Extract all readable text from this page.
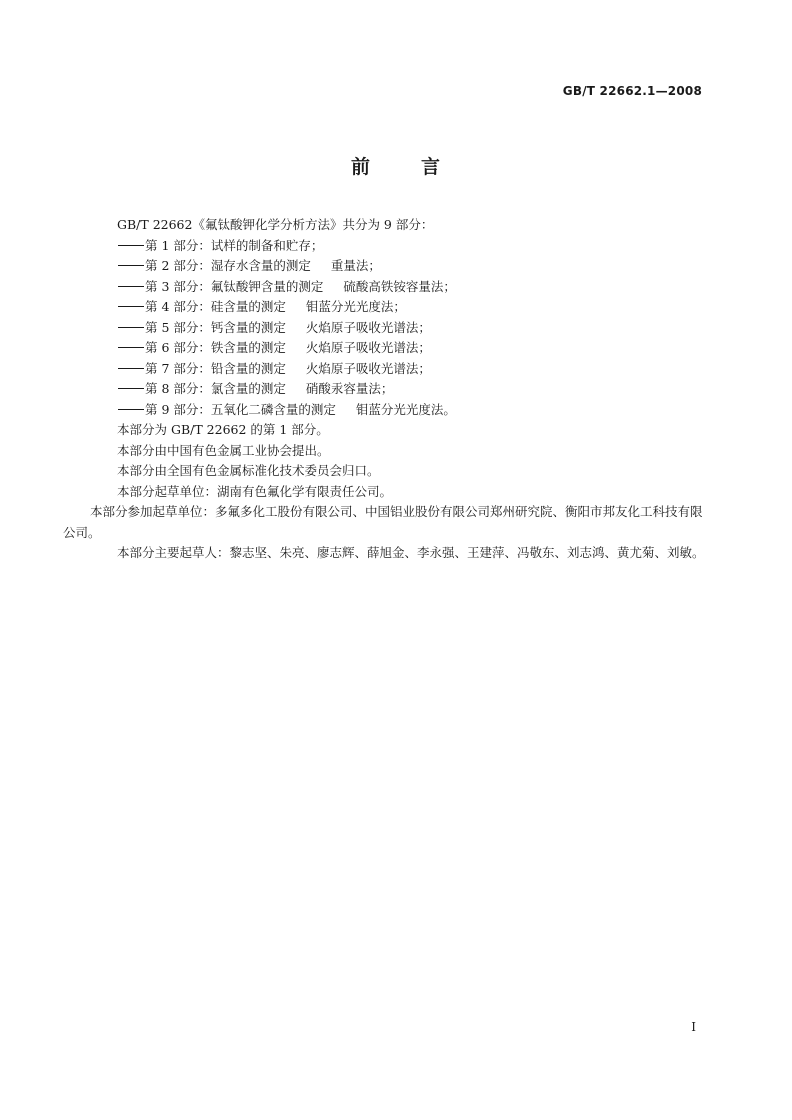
GB/T 22662.1—2008
前	言
GB/T 22662《氟钛酸钾化学分析方法》共分为 9 部分：
第 1 部分：试样的制备和贮存；
第 2 部分：湿存水含量的测定 重量法；
第 3 部分：氟钛酸钾含量的测定 硫酸高铁铵容量法；
第 4 部分：硅含量的测定 钼蓝分光光度法；
第 5 部分：钙含量的测定 火焰原子吸收光谱法；
第 6 部分：铁含量的测定 火焰原子吸收光谱法；
第 7 部分：铅含量的测定 火焰原子吸收光谱法；
第 8 部分：氯含量的测定 硝酸汞容量法；
第 9 部分：五氧化二磷含量的测定 钼蓝分光光度法。
本部分为 GB/T 22662 的第 1 部分。
本部分由中国有色金属工业协会提出。
本部分由全国有色金属标准化技术委员会归口。
本部分起草单位：湖南有色氟化学有限责任公司。
本部分参加起草单位：多氟多化工股份有限公司、中国铝业股份有限公司郑州研究院、衡阳市邦友化工科技有限公司。
本部分主要起草人：黎志坚、朱亮、廖志辉、薛旭金、李永强、王建萍、冯敬东、刘志鸿、黄尤菊、刘敏。
I
